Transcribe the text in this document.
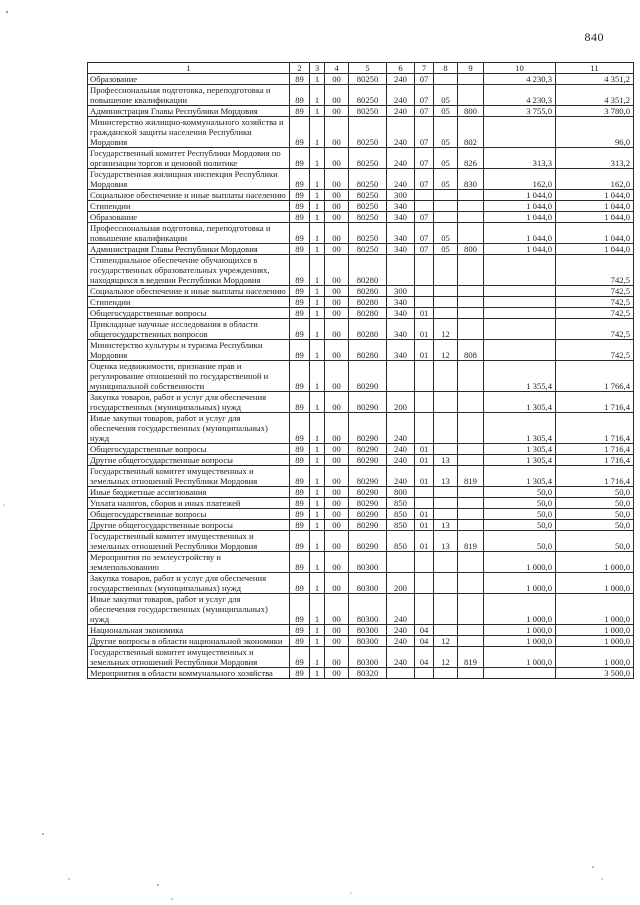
840
1	2	3	4	5	6	7	8	9	10	11
Образование	89	1	00	80250	240	07			4 230,3	4 351,2
Профессиональная подготовка, переподготовка и повышение квалификации	89	1	00	80250	240	07	05		4 230,3	4 351,2
Администрация Главы Республики Мордовия	89	1	00	80250	240	07	05	800	3 755,0	3 780,0
Министерство жилищно-коммунального хозяйства и гражданской защиты населения Республики Мордовия	89	1	00	80250	240	07	05	802		96,0
Государственный комитет Республики Мордовия по организации торгов и ценовой политике	89	1	00	80250	240	07	05	826	313,3	313,2
Государственная жилищная инспекция Республики Мордовия	89	1	00	80250	240	07	05	830	162,0	162,0
Социальное обеспечение и иные выплаты населению	89	1	00	80250	300				1 044,0	1 044,0
Стипендии	89	1	00	80250	340				1 044,0	1 044,0
Образование	89	1	00	80250	340	07			1 044,0	1 044,0
Профессиональная подготовка, переподготовка и повышение квалификации	89	1	00	80250	340	07	05		1 044,0	1 044,0
Администрация Главы Республики Мордовия	89	1	00	80250	340	07	05	800	1 044,0	1 044,0
Стипендиальное обеспечение обучающихся в государственных образовательных учреждениях, находящихся в ведении Республики Мордовия	89	1	00	80280						742,5
Социальное обеспечение и иные выплаты населению	89	1	00	80280	300					742,5
Стипендии	89	1	00	80280	340					742,5
Общегосударственные вопросы	89	1	00	80280	340	01				742,5
Прикладные научные исследования в области общегосударственных вопросов	89	1	00	80280	340	01	12			742,5
Министерство культуры и туризма Республики Мордовия	89	1	00	80280	340	01	12	808		742,5
Оценка недвижимости, признание прав и регулирование отношений по государственной и муниципальной собственности	89	1	00	80290					1 355,4	1 766,4
Закупка товаров, работ и услуг для обеспечения государственных (муниципальных) нужд	89	1	00	80290	200				1 305,4	1 716,4
Иные закупки товаров, работ и услуг для обеспечения государственных (муниципальных) нужд	89	1	00	80290	240				1 305,4	1 716,4
Общегосударственные вопросы	89	1	00	80290	240	01			1 305,4	1 716,4
Другие общегосударственные вопросы	89	1	00	80290	240	01	13		1 305,4	1 716,4
Государственный комитет имущественных и земельных отношений Республики Мордовия	89	1	00	80290	240	01	13	819	1 305,4	1 716,4
Иные бюджетные ассигнования	89	1	00	80290	800				50,0	50,0
Уплата налогов, сборов и иных платежей	89	1	00	80290	850				50,0	50,0
Общегосударственные вопросы	89	1	00	80290	850	01			50,0	50,0
Другие общегосударственные вопросы	89	1	00	80290	850	01	13		50,0	50,0
Государственный комитет имущественных и земельных отношений Республики Мордовия	89	1	00	80290	850	01	13	819	50,0	50,0
Мероприятия по землеустройству и землепользованию	89	1	00	80300					1 000,0	1 000,0
Закупка товаров, работ и услуг для обеспечения государственных (муниципальных) нужд	89	1	00	80300	200				1 000,0	1 000,0
Иные закупки товаров, работ и услуг для обеспечения государственных (муниципальных) нужд	89	1	00	80300	240				1 000,0	1 000,0
Национальная экономика	89	1	00	80300	240	04			1 000,0	1 000,0
Другие вопросы в области национальной экономики	89	1	00	80300	240	04	12		1 000,0	1 000,0
Государственный комитет имущественных и земельных отношений Республики Мордовия	89	1	00	80300	240	04	12	819	1 000,0	1 000,0
Мероприятия в области коммунального хозяйства	89	1	00	80320						3 500,0
